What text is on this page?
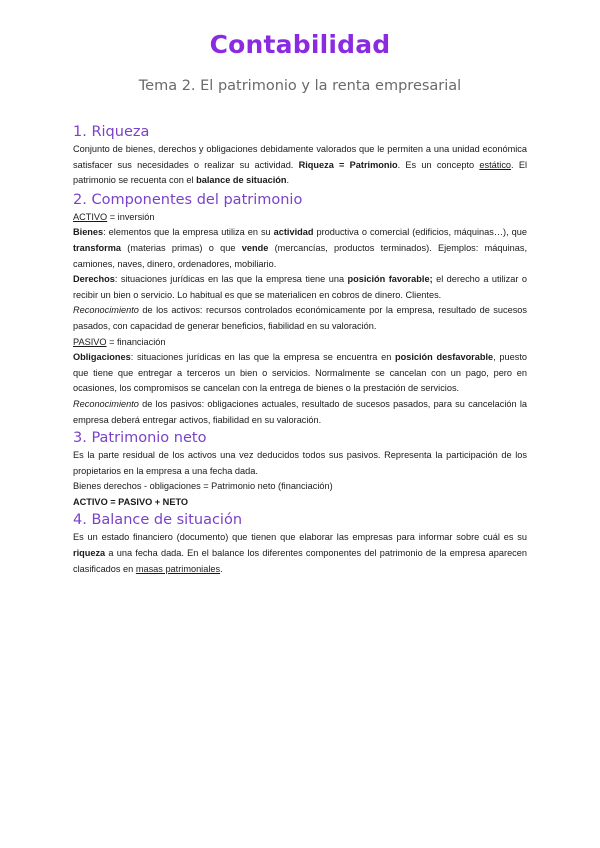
Contabilidad
Tema 2. El patrimonio y la renta empresarial
1. Riqueza

Conjunto de bienes, derechos y obligaciones debidamente valorados que le permiten a una unidad económica satisfacer sus necesidades o realizar su actividad. Riqueza = Patrimonio. Es un concepto estático. El patrimonio se recuenta con el balance de situación.

2. Componentes del patrimonio

ACTIVO = inversión

Bienes: elementos que la empresa utiliza en su actividad productiva o comercial (edificios, máquinas…), que transforma (materias primas) o que vende (mercancías, productos terminados). Ejemplos: máquinas, camiones, naves, dinero, ordenadores, mobiliario.

Derechos: situaciones jurídicas en las que la empresa tiene una posición favorable; el derecho a utilizar o recibir un bien o servicio. Lo habitual es que se materialicen en cobros de dinero. Clientes.

Reconocimiento de los activos: recursos controlados económicamente por la empresa, resultado de sucesos pasados, con capacidad de generar beneficios, fiabilidad en su valoración.

PASIVO = financiación

Obligaciones: situaciones jurídicas en las que la empresa se encuentra en posición desfavorable, puesto que tiene que entregar a terceros un bien o servicios. Normalmente se cancelan con un pago, pero en ocasiones, los compromisos se cancelan con la entrega de bienes o la prestación de servicios.

Reconocimiento de los pasivos: obligaciones actuales, resultado de sucesos pasados, para su cancelación la empresa deberá entregar activos, fiabilidad en su valoración.

3. Patrimonio neto

Es la parte residual de los activos una vez deducidos todos sus pasivos. Representa la participación de los propietarios en la empresa a una fecha dada.

Bienes derechos - obligaciones = Patrimonio neto (financiación)

ACTIVO = PASIVO + NETO

4. Balance de situación

Es un estado financiero (documento) que tienen que elaborar las empresas para informar sobre cuál es su riqueza a una fecha dada. En el balance los diferentes componentes del patrimonio de la empresa aparecen clasificados en masas patrimoniales.
